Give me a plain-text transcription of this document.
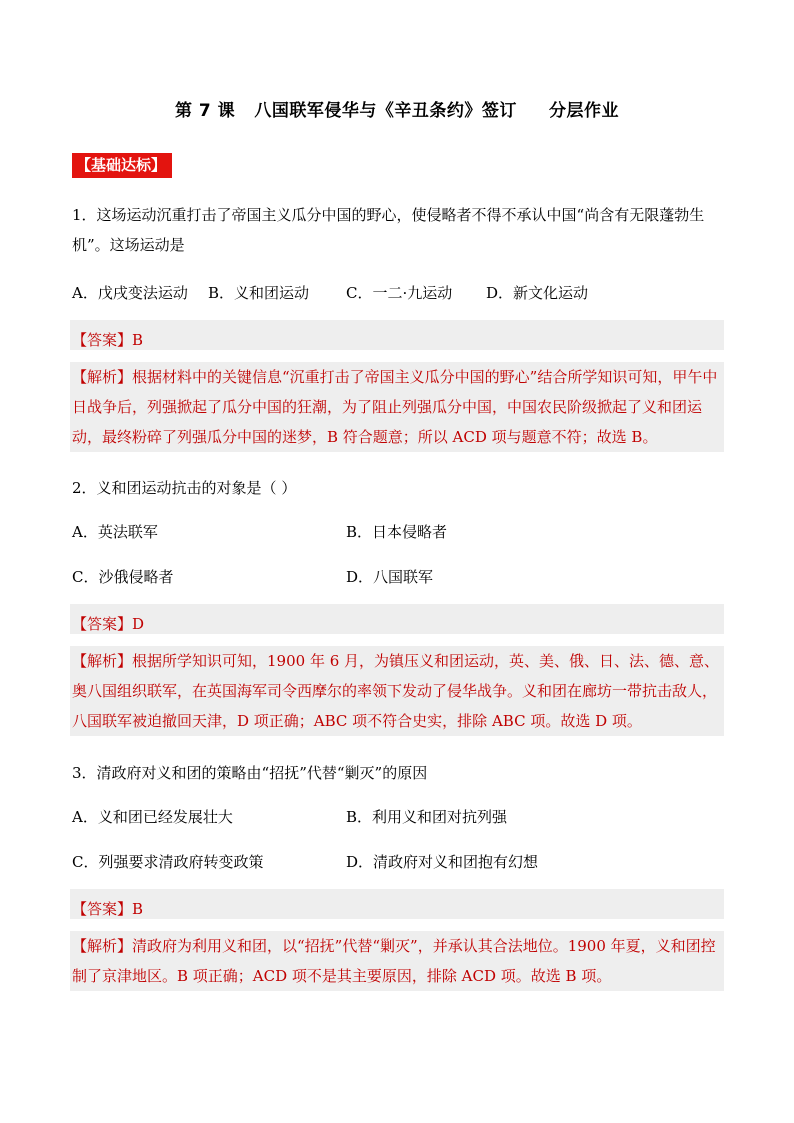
第 7 课   八国联军侵华与《辛丑条约》签订     分层作业
【基础达标】
1．这场运动沉重打击了帝国主义瓜分中国的野心，使侵略者不得不承认中国“尚含有无限蓬勃生机”。这场运动是
A．戊戌变法运动 B．义和团运动 C．一二·九运动 D．新文化运动
【答案】B
【解析】根据材料中的关键信息“沉重打击了帝国主义瓜分中国的野心”结合所学知识可知，甲午中日战争后，列强掀起了瓜分中国的狂潮，为了阻止列强瓜分中国，中国农民阶级掀起了义和团运动，最终粉碎了列强瓜分中国的迷梦，B 符合题意；所以 ACD 项与题意不符；故选 B。
2．义和团运动抗击的对象是（ ）
A．英法联军	B．日本侵略者
C．沙俄侵略者	D．八国联军
【答案】D
【解析】根据所学知识可知，1900 年 6 月，为镇压义和团运动，英、美、俄、日、法、德、意、奥八国组织联军，在英国海军司令西摩尔的率领下发动了侵华战争。义和团在廊坊一带抗击敌人，八国联军被迫撤回天津，D 项正确；ABC 项不符合史实，排除 ABC 项。故选 D 项。
3．清政府对义和团的策略由“招抚”代替“剿灭”的原因
A．义和团已经发展壮大	B．利用义和团对抗列强
C．列强要求清政府转变政策	D．清政府对义和团抱有幻想
【答案】B
【解析】清政府为利用义和团，以“招抚”代替“剿灭”，并承认其合法地位。1900 年夏，义和团控制了京津地区。B 项正确；ACD 项不是其主要原因，排除 ACD 项。故选 B 项。
